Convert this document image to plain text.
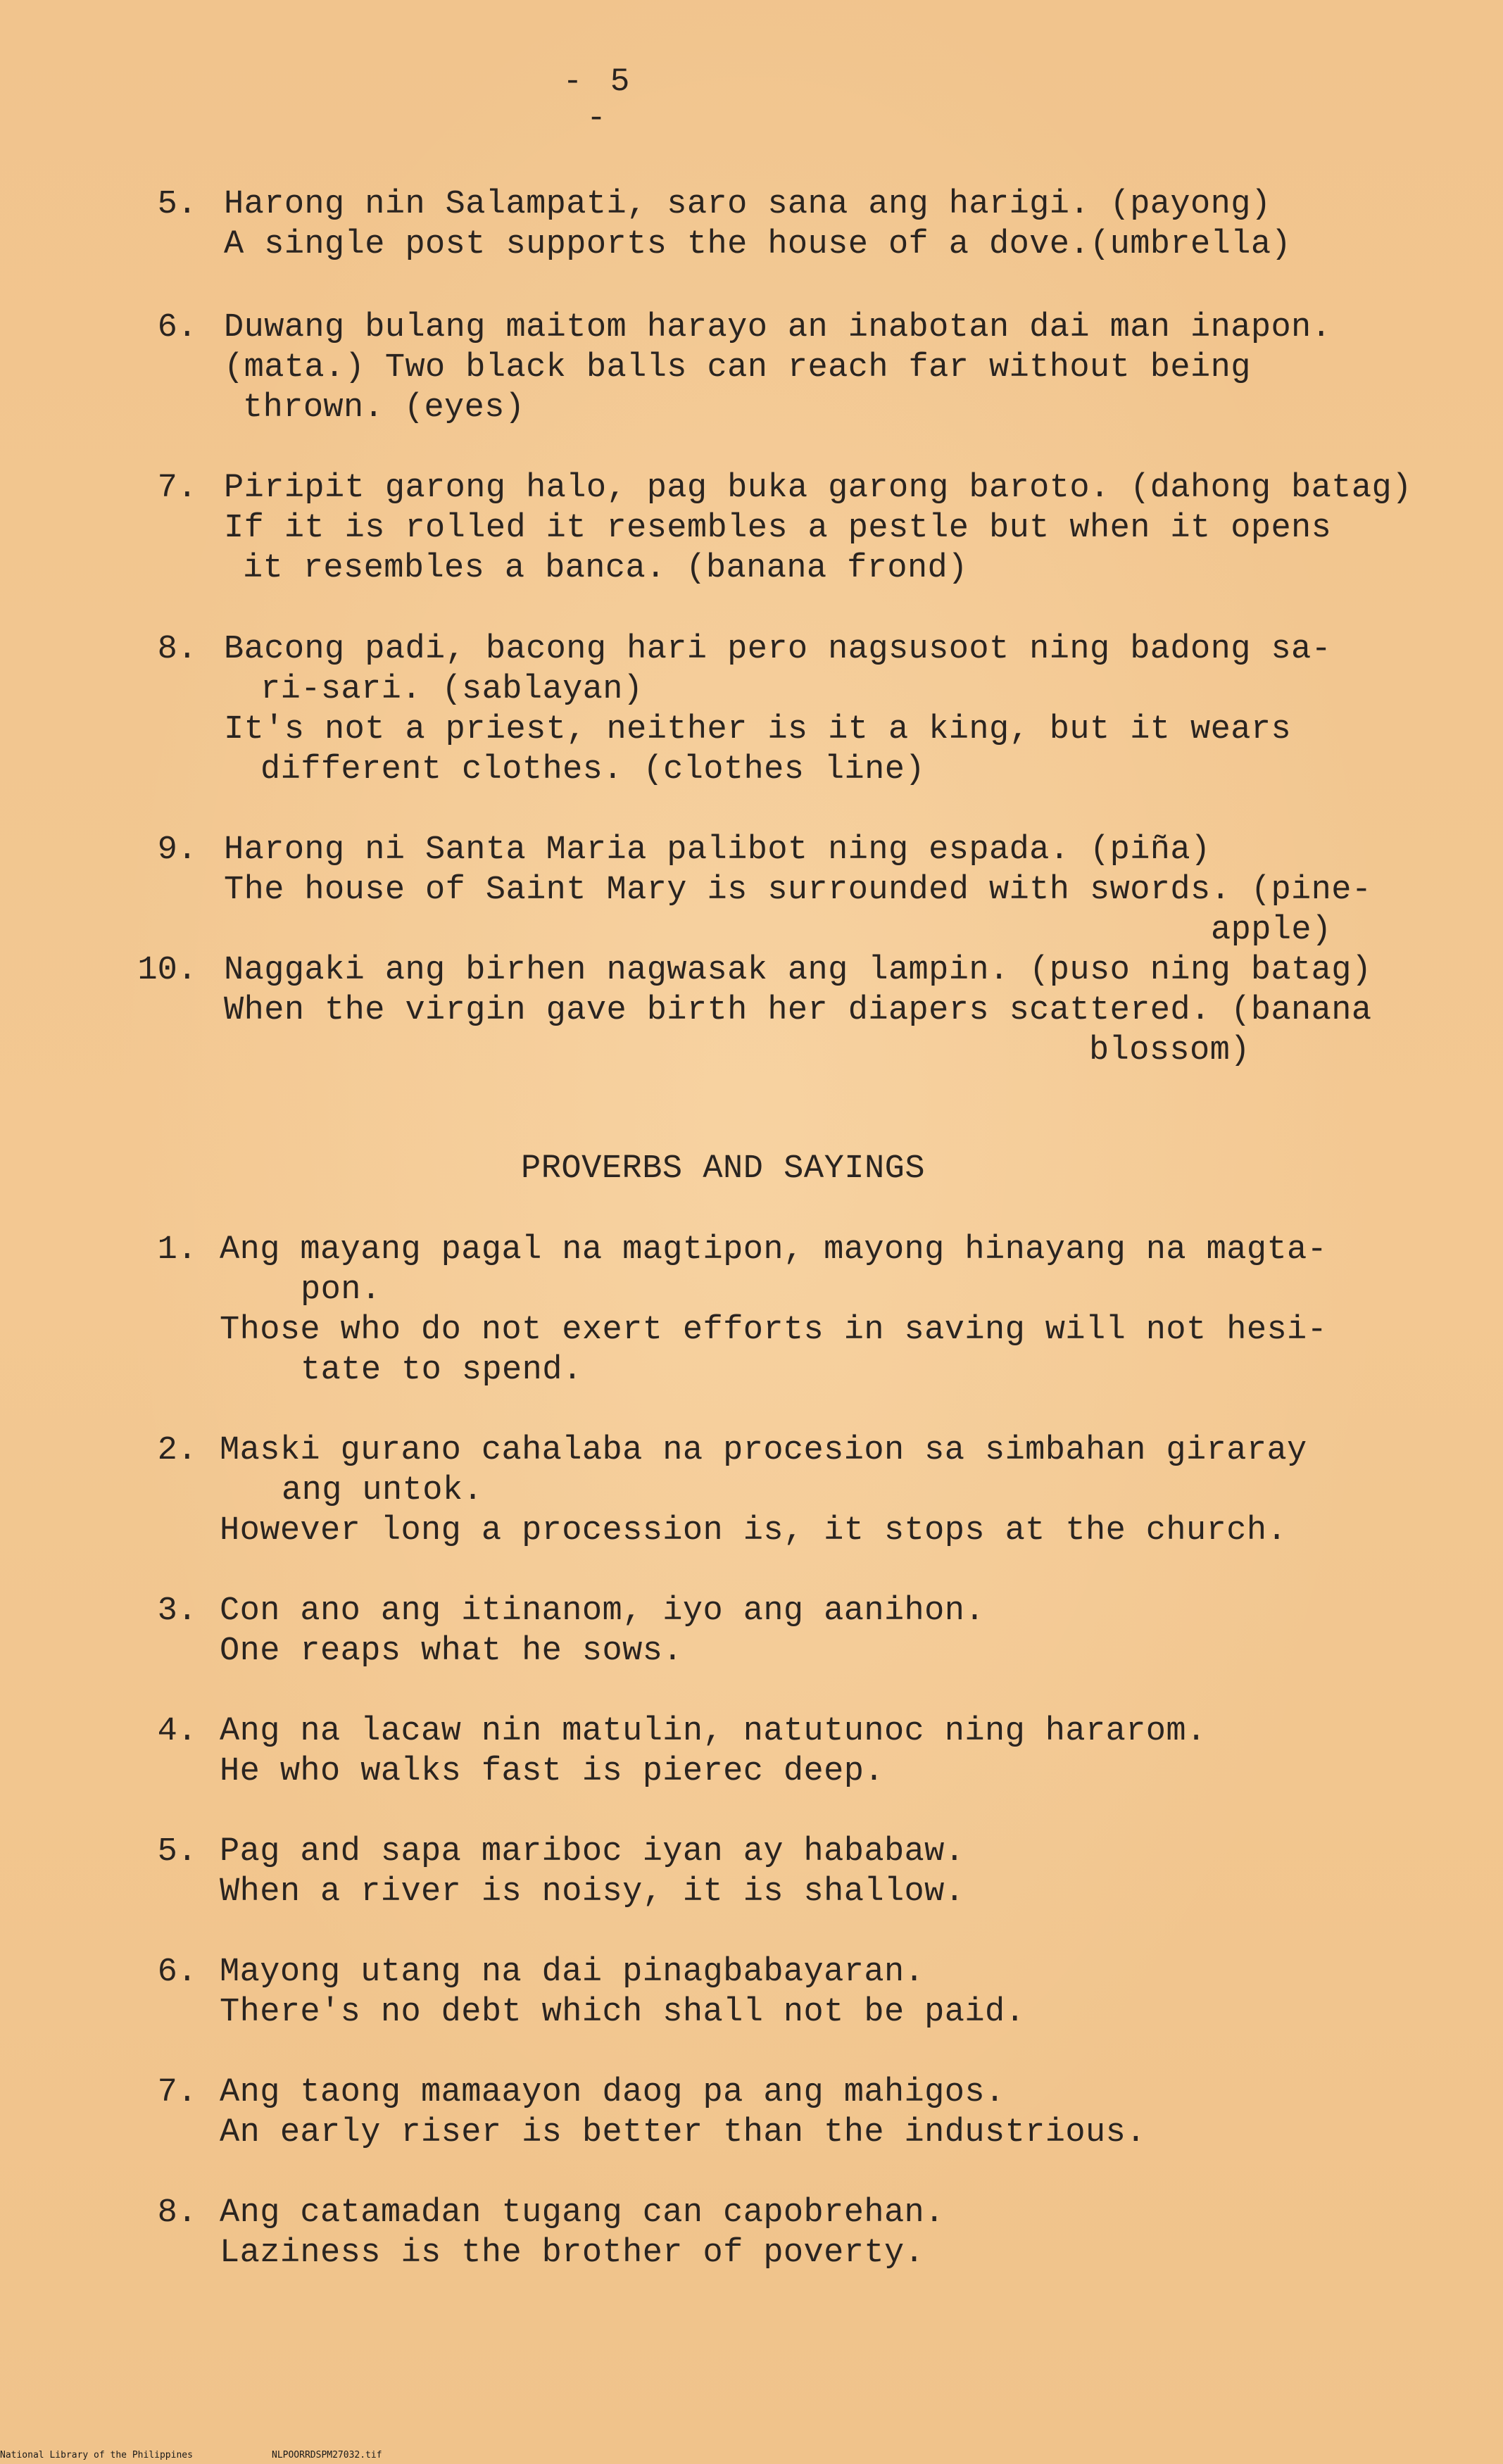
- 5 -
5. Harong nin Salampati, saro sana ang harigi. (payong)
A single post supports the house of a dove.(umbrella)
6. Duwang bulang maitom harayo an inabotan dai man inapon.
(mata.) Two black balls can reach far without being
thrown. (eyes)
7. Piripit garong halo, pag buka garong baroto. (dahong batag)
If it is rolled it resembles a pestle but when it opens
it resembles a banca. (banana frond)
8. Bacong padi, bacong hari pero nagsusoot ning badong sa-
ri-sari. (sablayan)
It's not a priest, neither is it a king, but it wears
different clothes. (clothes line)
9. Harong ni Santa Maria palibot ning espada. (piña)
The house of Saint Mary is surrounded with swords. (pine-
apple)
10. Naggaki ang birhen nagwasak ang lampin. (puso ning batag)
When the virgin gave birth her diapers scattered. (banana
blossom)
PROVERBS AND SAYINGS
1. Ang mayang pagal na magtipon, mayong hinayang na magta-
pon.
Those who do not exert efforts in saving will not hesi-
tate to spend.
2. Maski gurano cahalaba na procesion sa simbahan giraray
ang untok.
However long a procession is, it stops at the church.
3. Con ano ang itinanom, iyo ang aanihon.
One reaps what he sows.
4. Ang na lacaw nin matulin, natutunoc ning hararom.
He who walks fast is pierec deep.
5. Pag and sapa mariboc iyan ay hababaw.
When a river is noisy, it is shallow.
6. Mayong utang na dai pinagbabayaran.
There's no debt which shall not be paid.
7. Ang taong mamaayon daog pa ang mahigos.
An early riser is better than the industrious.
8. Ang catamadan tugang can capobrehan.
Laziness is the brother of poverty.
National Library of the Philippines	NLPOORRDSPM27032.tif
